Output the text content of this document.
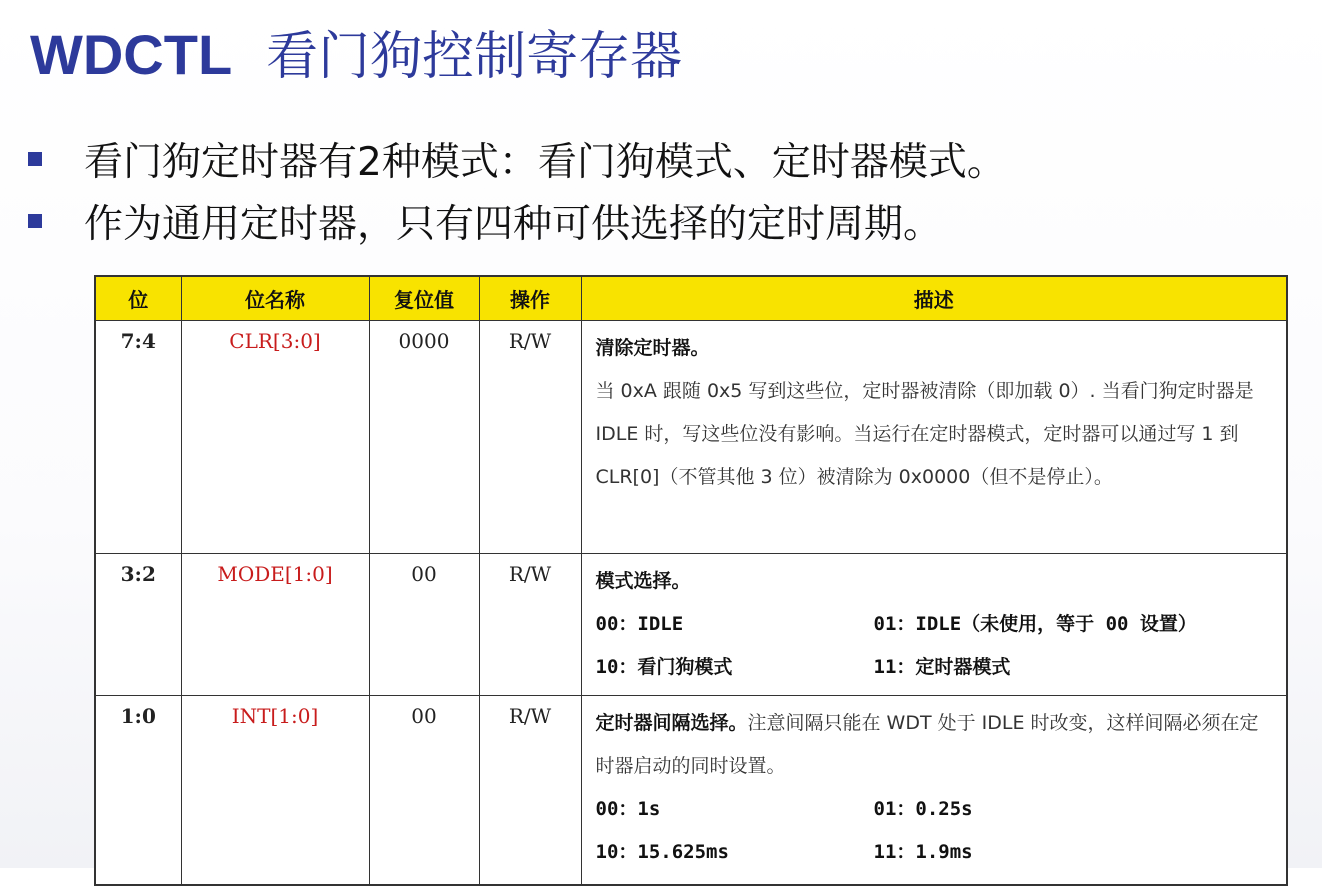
WDCTL 看门狗控制寄存器
看门狗定时器有2种模式：看门狗模式、定时器模式。
作为通用定时器，只有四种可供选择的定时周期。
位	位名称	复位值	操作	描述
7:4	CLR[3:0]	0000	R/W	清除定时器。
当 0xA 跟随 0x5 写到这些位，定时器被清除（即加载 0）. 当看门狗定时器是 IDLE 时，写这些位没有影响。当运行在定时器模式，定时器可以通过写 1 到 CLR[0]（不管其他 3 位）被清除为 0x0000（但不是停止）。

3:2	MODE[1:0]	00	R/W	模式选择。
00：IDLE 01：IDLE（未使用，等于 00 设置）
10：看门狗模式 11：定时器模式

1:0	INT[1:0]	00	R/W	定时器间隔选择。注意间隔只能在 WDT 处于 IDLE 时改变，这样间隔必须在定时器启动的同时设置。
00：1s 01：0.25s
10：15.625ms 11：1.9ms
